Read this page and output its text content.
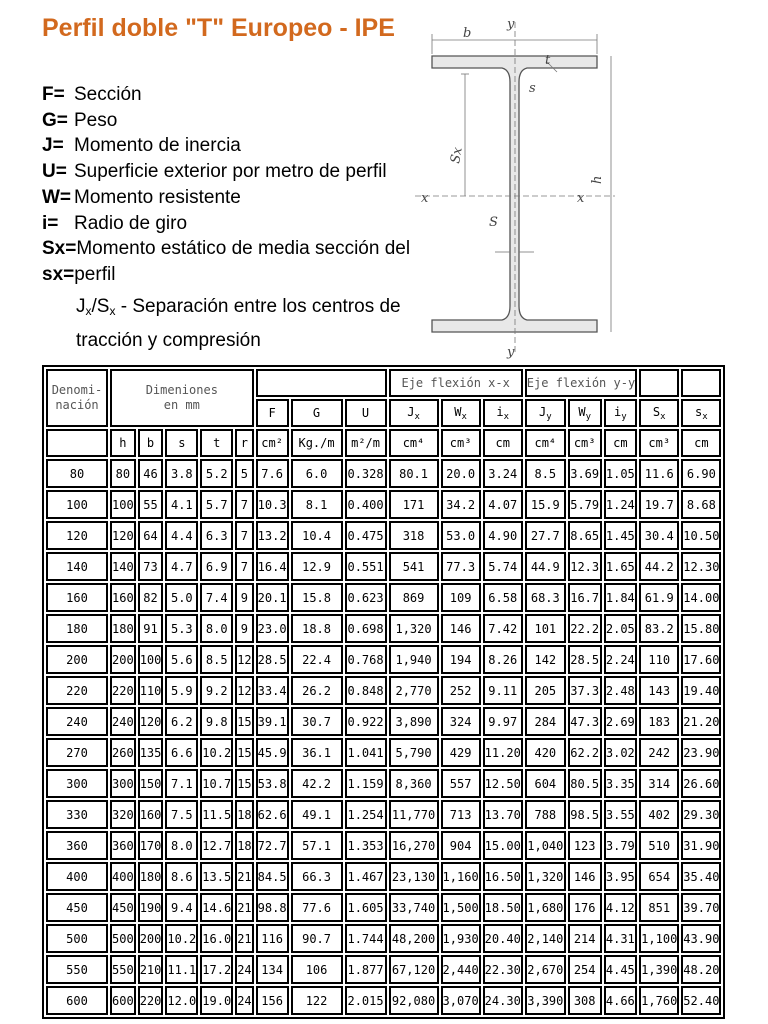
Perfil doble "T" Europeo - IPE
F= Sección
G= Peso
J= Momento de inercia
U= Superficie exterior por metro de perfil
W= Momento resistente
i= Radio de giro
Sx=Momento estático de media sección del
sx=perfil
$J_x/S_x$ - Separación entre los centros de
tracción y compresión
y
b
t
s
Sx
h
x	x
S
y
Denomi-
nación	Dimeniones
en mm								Eje flexión x-x			Eje flexión y-y				
						F	G	U	$J_x$	$W_x$	$i_x$	$J_y$	$W_y$	$i_y$	$S_x$	$s_x$
	h	b	s	t	r	cm²	Kg./m	m²/m	cm⁴	cm³	cm	cm⁴	cm³	cm	cm³	cm
80	80	46	3.8	5.2	5	7.6	6.0	0.328	80.1	20.0	3.24	8.5	3.69	1.05	11.6	6.90
100	100	55	4.1	5.7	7	10.3	8.1	0.400	171	34.2	4.07	15.9	5.79	1.24	19.7	8.68
120	120	64	4.4	6.3	7	13.2	10.4	0.475	318	53.0	4.90	27.7	8.65	1.45	30.4	10.50
140	140	73	4.7	6.9	7	16.4	12.9	0.551	541	77.3	5.74	44.9	12.3	1.65	44.2	12.30
160	160	82	5.0	7.4	9	20.1	15.8	0.623	869	109	6.58	68.3	16.7	1.84	61.9	14.00
180	180	91	5.3	8.0	9	23.0	18.8	0.698	1,320	146	7.42	101	22.2	2.05	83.2	15.80
200	200	100	5.6	8.5	12	28.5	22.4	0.768	1,940	194	8.26	142	28.5	2.24	110	17.60
220	220	110	5.9	9.2	12	33.4	26.2	0.848	2,770	252	9.11	205	37.3	2.48	143	19.40
240	240	120	6.2	9.8	15	39.1	30.7	0.922	3,890	324	9.97	284	47.3	2.69	183	21.20
270	260	135	6.6	10.2	15	45.9	36.1	1.041	5,790	429	11.20	420	62.2	3.02	242	23.90
300	300	150	7.1	10.7	15	53.8	42.2	1.159	8,360	557	12.50	604	80.5	3.35	314	26.60
330	320	160	7.5	11.5	18	62.6	49.1	1.254	11,770	713	13.70	788	98.5	3.55	402	29.30
360	360	170	8.0	12.7	18	72.7	57.1	1.353	16,270	904	15.00	1,040	123	3.79	510	31.90
400	400	180	8.6	13.5	21	84.5	66.3	1.467	23,130	1,160	16.50	1,320	146	3.95	654	35.40
450	450	190	9.4	14.6	21	98.8	77.6	1.605	33,740	1,500	18.50	1,680	176	4.12	851	39.70
500	500	200	10.2	16.0	21	116	90.7	1.744	48,200	1,930	20.40	2,140	214	4.31	1,100	43.90
550	550	210	11.1	17.2	24	134	106	1.877	67,120	2,440	22.30	2,670	254	4.45	1,390	48.20
600	600	220	12.0	19.0	24	156	122	2.015	92,080	3,070	24.30	3,390	308	4.66	1,760	52.40
